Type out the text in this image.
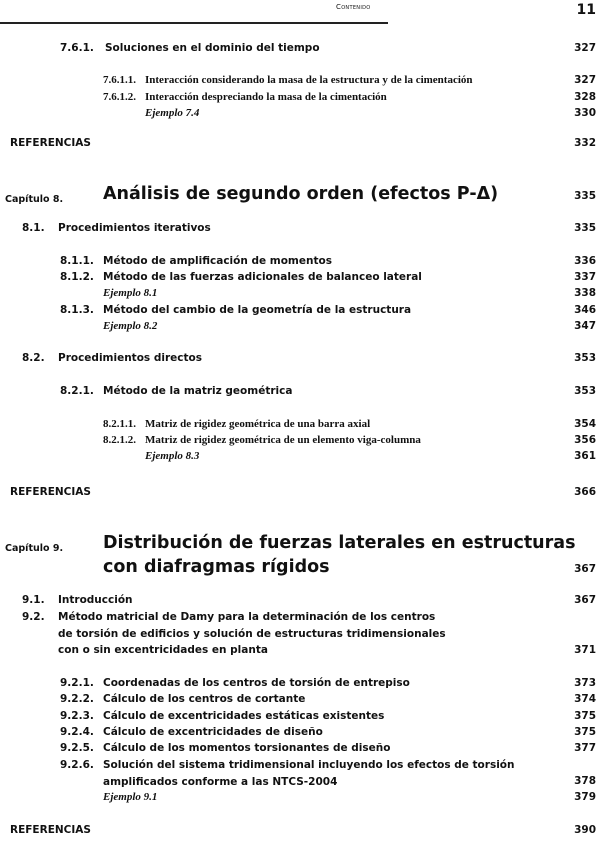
Contenido	11
7.6.1. Soluciones en el dominio del tiempo	327
7.6.1.1. Interacción considerando la masa de la estructura y de la cimentación	327
7.6.1.2. Interacción despreciando la masa de la cimentación	328
Ejemplo 7.4	330
REFERENCIAS	332
Capítulo 8. Análisis de segundo orden (efectos P-Δ)	335
8.1. Procedimientos iterativos	335
8.1.1. Método de amplificación de momentos	336
8.1.2. Método de las fuerzas adicionales de balanceo lateral	337
Ejemplo 8.1	338
8.1.3. Método del cambio de la geometría de la estructura	346
Ejemplo 8.2	347
8.2. Procedimientos directos	353
8.2.1. Método de la matriz geométrica	353
8.2.1.1. Matriz de rigidez geométrica de una barra axial	354
8.2.1.2. Matriz de rigidez geométrica de un elemento viga-columna	356
Ejemplo 8.3	361
REFERENCIAS	366
Capítulo 9. Distribución de fuerzas laterales en estructuras
con diafragmas rígidos	367
9.1. Introducción	367
9.2. Método matricial de Damy para la determinación de los centros
de torsión de edificios y solución de estructuras tridimensionales
con o sin excentricidades en planta	371
9.2.1. Coordenadas de los centros de torsión de entrepiso	373
9.2.2. Cálculo de los centros de cortante	374
9.2.3. Cálculo de excentricidades estáticas existentes	375
9.2.4. Cálculo de excentricidades de diseño	375
9.2.5. Cálculo de los momentos torsionantes de diseño	377
9.2.6. Solución del sistema tridimensional incluyendo los efectos de torsión
amplificados conforme a las NTCS-2004	378
Ejemplo 9.1	379
REFERENCIAS	390
